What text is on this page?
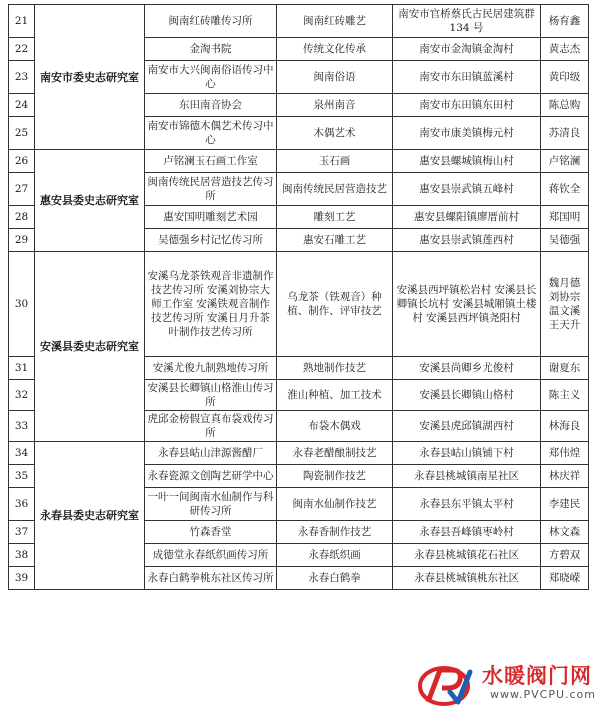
21	南安市委史志研究室	闽南红砖雕传习所	闽南红砖雕艺	南安市官桥蔡氏古民居建筑群 134 号	杨育鑫
22		金淘书院	传统文化传承	南安市金淘镇金淘村	黄志杰
23		南安市大兴闽南俗语传习中心	闽南俗语	南安市东田镇蓝溪村	黄印级
24		东田南音协会	泉州南音	南安市东田镇东田村	陈总购
25		南安市锦德木偶艺术传习中心	木偶艺术	南安市康美镇梅元村	苏清良
26	惠安县委史志研究室	卢铭澜玉石画工作室	玉石画	惠安县螺城镇梅山村	卢铭澜
27		闽南传统民居营造技艺传习所	闽南传统民居营造技艺	惠安县崇武镇五峰村	蒋钦全
28		惠安国明雕刻艺术园	雕刻工艺	惠安县螺阳镇廖厝前村	郑国明
29		吴德强乡村记忆传习所	惠安石雕工艺	惠安县崇武镇莲西村	吴德强
30	安溪县委史志研究室	安溪乌龙茶铁观音非遗制作技艺传习所 安溪刘协宗大师工作室 安溪铁观音制作技艺传习所 安溪日月升茶叶制作技艺传习所	乌龙茶（铁观音）种植、制作、评审技艺	安溪县西坪镇松岩村 安溪县长卿镇长坑村 安溪县城厢镇土楼村 安溪县西坪镇尧阳村	魏月德 刘协宗 温文溪 王天升
31		安溪尤俊九制熟地传习所	熟地制作技艺	安溪县尚卿乡尤俊村	谢夏东
32		安溪县长卿镇山格淮山传习所	淮山种植、加工技术	安溪县长卿镇山格村	陈主义
33		虎邱金榜假宣真布袋戏传习所	布袋木偶戏	安溪县虎邱镇湖西村	林海良
34	永春县委史志研究室	永春县岵山津源酱醋厂	永春老醋酿制技艺	永春县岵山镇铺下村	郑伟煌
35		永春瓷源文创陶艺研学中心	陶瓷制作技艺	永春县桃城镇南星社区	林庆祥
36		一叶一间闽南水仙制作与科研传习所	闽南水仙制作技艺	永春县东平镇太平村	李建民
37		竹森香堂	永春香制作技艺	永春县吾峰镇枣岭村	林文森
38		成德堂永春纸织画传习所	永春纸织画	永春县桃城镇花石社区	方碧双
39		永春白鹤拳桃东社区传习所	永春白鹤拳	永春县桃城镇桃东社区	郑晓嵘
水暖阀门网
www.PVCPU.com
